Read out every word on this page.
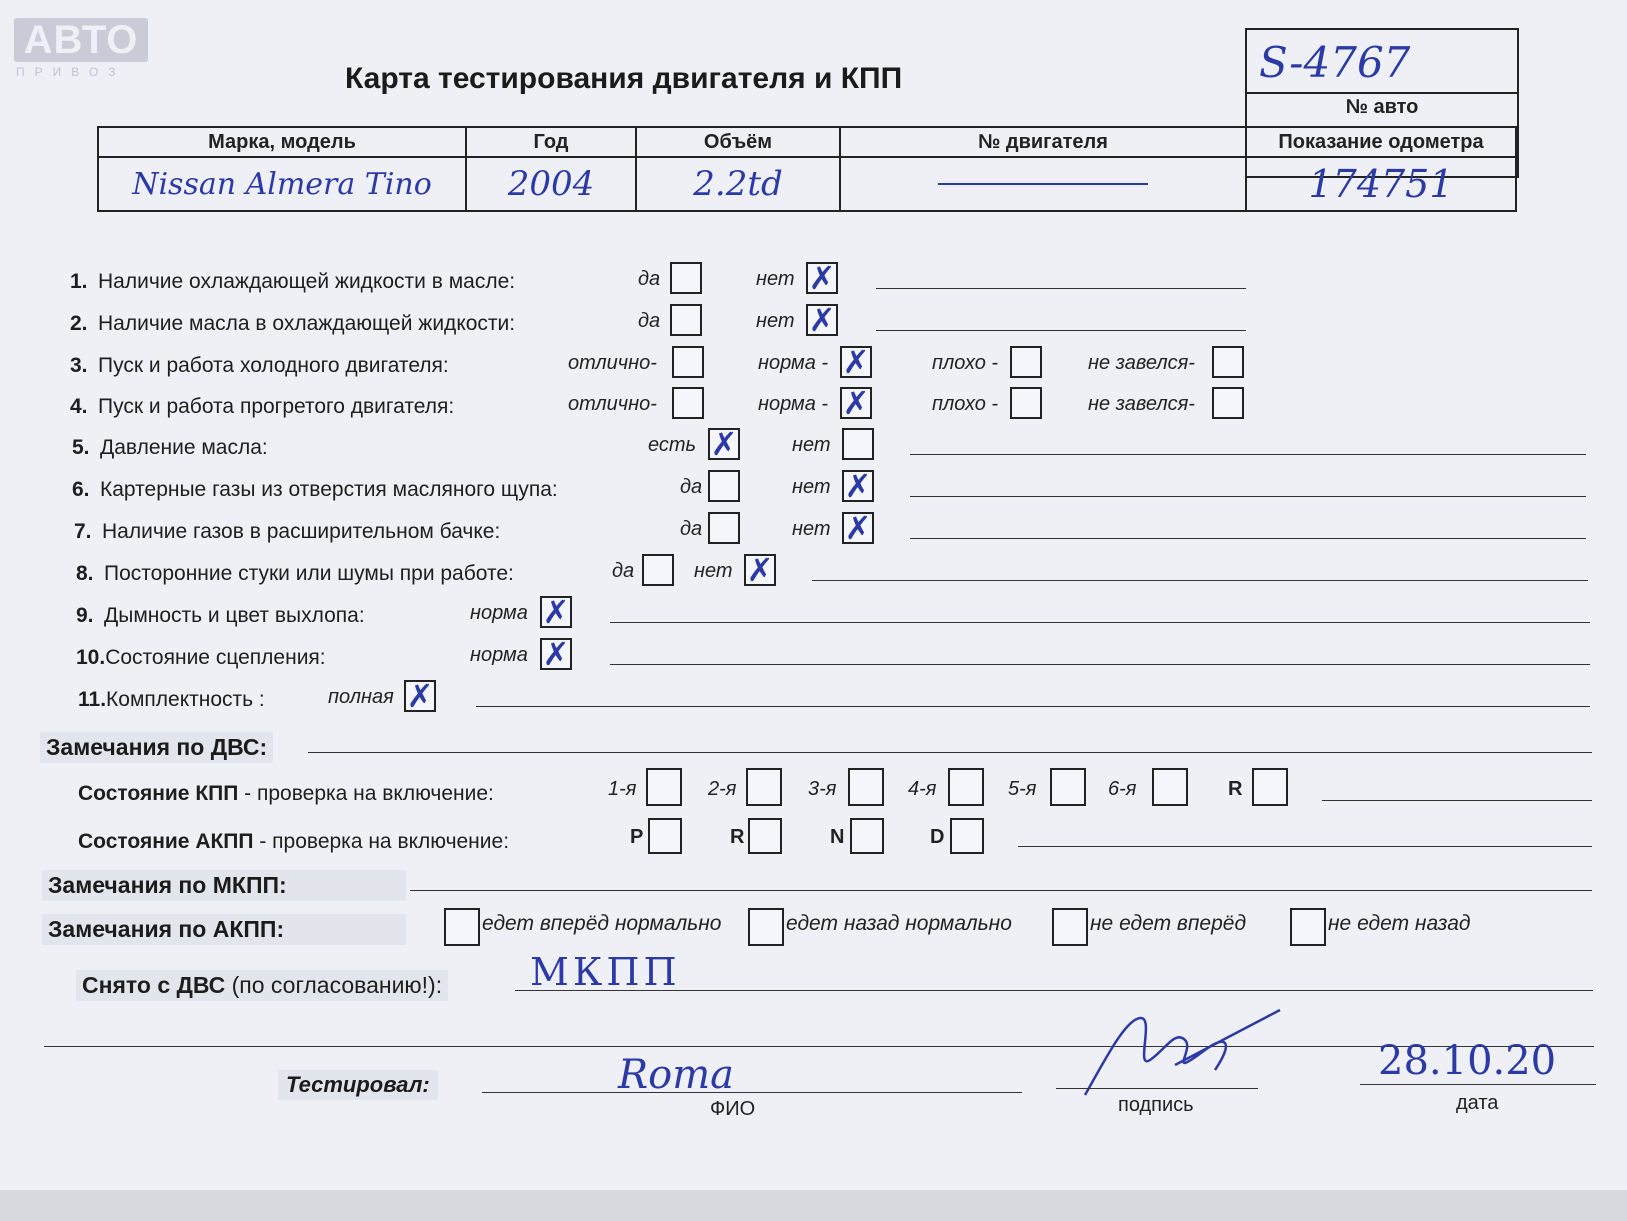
АВТО
ПРИВОЗ	Карта тестирования двигателя и КПП	S-4767
№ авто
Марка, модель	Год	Объём	№ двигателя	Показание одометра
Nissan Almera Tino	2004	2.2td		174751
1. Наличие охлаждающей жидкости в масле:	да	нет ✗
2. Наличие масла в охлаждающей жидкости:	да	нет ✗
3. Пуск и работа холодного двигателя:	отлично-	норма - ✗	плохо -	не завелся-
4. Пуск и работа прогретого двигателя:	отлично-	норма - ✗	плохо -	не завелся-
5. Давление масла:	есть ✗	нет
6. Картерные газы из отверстия масляного щупа:	да	нет ✗
7. Наличие газов в расширительном бачке:	да	нет ✗
8. Посторонние стуки или шумы при работе:	да	нет ✗
9. Дымность и цвет выхлопа:	норма ✗
10.Состояние сцепления:	норма ✗
11.Комплектность :	полная ✗
Замечания по ДВС:
Состояние КПП - проверка на включение:	1-я	2-я	3-я	4-я	5-я	6-я	R
Состояние АКПП - проверка на включение:	P	R	N	D
Замечания по МКПП:
Замечания по АКПП:	едет вперёд нормально	едет назад нормально	не едет вперёд	не едет назад
Снято с ДВС (по согласованию!): МКПП
Тестировал:	Roma
ФИО	подпись
28.10.20
дата
